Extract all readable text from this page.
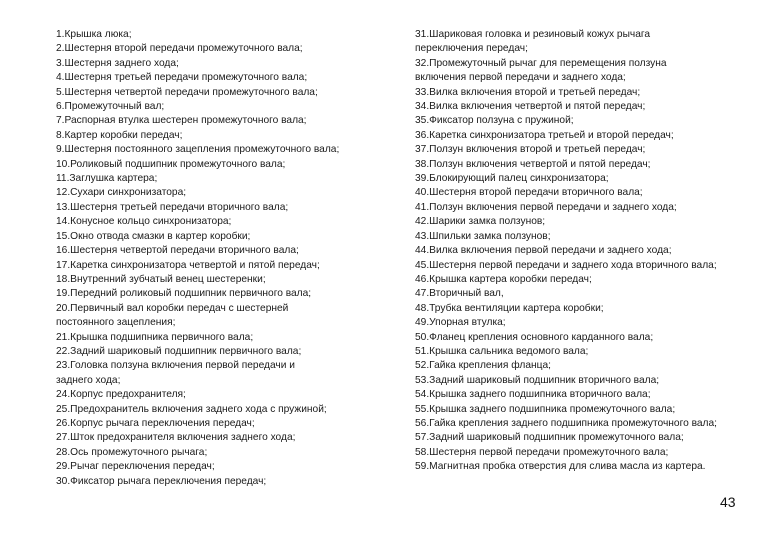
1.Крышка люка;
2.Шестерня второй передачи промежуточного вала;
3.Шестерня заднего хода;
4.Шестерня третьей передачи промежуточного вала;
5.Шестерня четвертой передачи промежуточного вала;
6.Промежуточный вал;
7.Распорная втулка шестерен промежуточного вала;
8.Картер коробки передач;
9.Шестерня постоянного зацепления промежуточного вала;
10.Роликовый подшипник промежуточного вала;
11.Заглушка картера;
12.Сухари синхронизатора;
13.Шестерня третьей передачи вторичного вала;
14.Конусное кольцо синхронизатора;
15.Окно отвода смазки в картер коробки;
16.Шестерня четвертой передачи вторичного вала;
17.Каретка синхронизатора четвертой и пятой передач;
18.Внутренний зубчатый венец шестеренки;
19.Передний роликовый подшипник первичного вала;
20.Первичный вал коробки передач с шестерней
постоянного зацепления;
21.Крышка подшипника первичного вала;
22.Задний шариковый подшипник первичного вала;
23.Головка ползуна включения первой передачи и
заднего хода;
24.Корпус предохранителя;
25.Предохранитель включения заднего хода с пружиной;
26.Корпус рычага переключения передач;
27.Шток предохранителя включения заднего хода;
28.Ось промежуточного рычага;
29.Рычаг переключения передач;
30.Фиксатор рычага переключения передач;
31.Шариковая головка и резиновый кожух рычага
переключения передач;
32.Промежуточный рычаг для перемещения ползуна
включения первой передачи и заднего хода;
33.Вилка включения второй и третьей передач;
34.Вилка включения четвертой и пятой передач;
35.Фиксатор ползуна с пружиной;
36.Каретка синхронизатора третьей и второй передач;
37.Ползун включения второй и третьей передач;
38.Ползун включения четвертой и пятой передач;
39.Блокирующий палец синхронизатора;
40.Шестерня второй передачи вторичного вала;
41.Ползун включения первой передачи и заднего хода;
42.Шарики замка ползунов;
43.Шпильки замка ползунов;
44.Вилка включения первой передачи и заднего хода;
45.Шестерня первой передачи и заднего хода вторичного вала;
46.Крышка картера коробки передач;
47.Вторичный вал,
48.Трубка вентиляции картера коробки;
49.Упорная втулка;
50.Фланец крепления основного карданного вала;
51.Крышка сальника ведомого вала;
52.Гайка крепления фланца;
53.Задний шариковый подшипник вторичного вала;
54.Крышка заднего подшипника вторичного вала;
55.Крышка заднего подшипника промежуточного вала;
56.Гайка крепления заднего подшипника промежуточного вала;
57.Задний шариковый подшипник промежуточного вала;
58.Шестерня первой передачи промежуточного вала;
59.Магнитная пробка отверстия для слива масла из картера.
43
